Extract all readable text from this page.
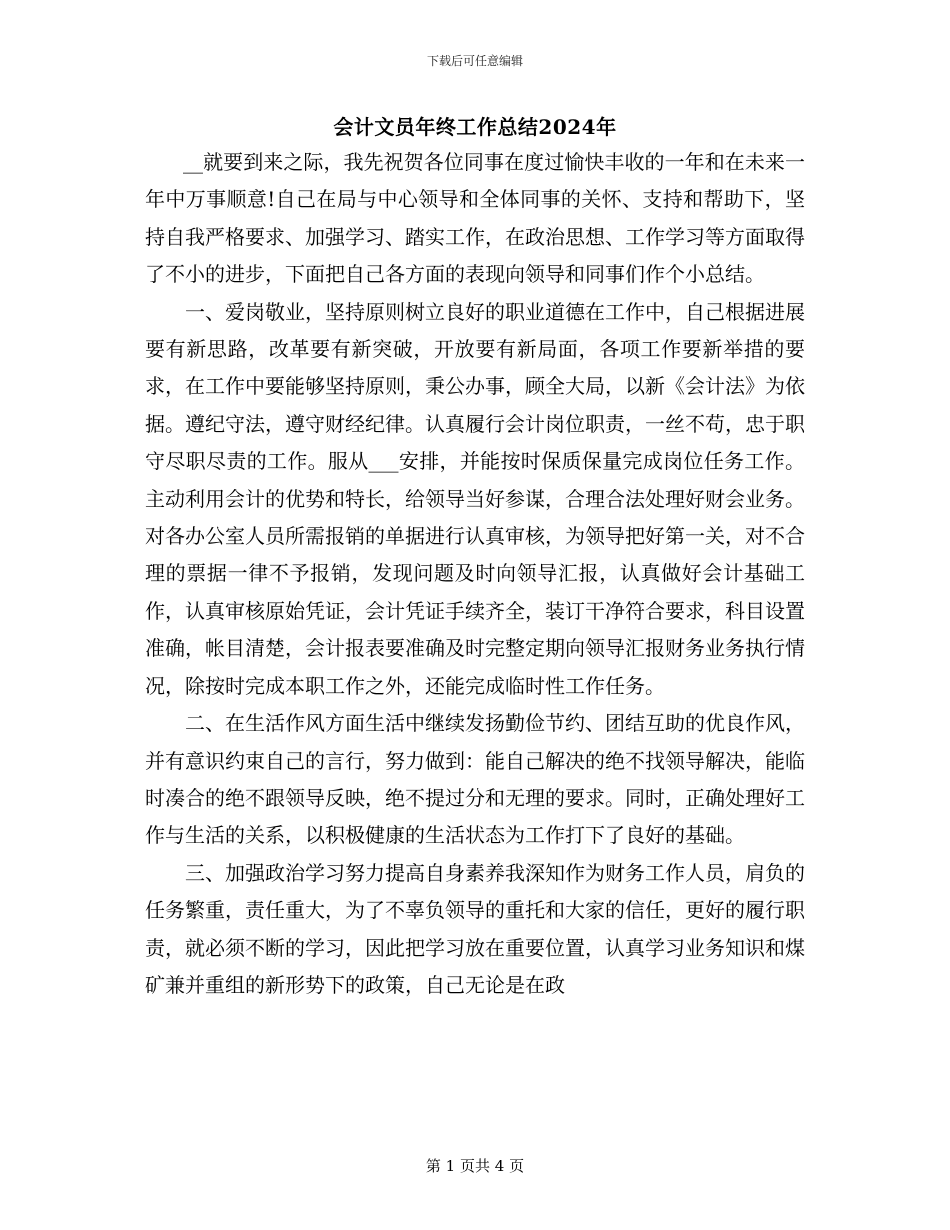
下载后可任意编辑
会计文员年终工作总结2024年

__就要到来之际，我先祝贺各位同事在度过愉快丰收的一年和在未来一年中万事顺意!自己在局与中心领导和全体同事的关怀、支持和帮助下，坚持自我严格要求、加强学习、踏实工作，在政治思想、工作学习等方面取得了不小的进步，下面把自己各方面的表现向领导和同事们作个小总结。

一、爱岗敬业，坚持原则树立良好的职业道德在工作中，自己根据进展要有新思路，改革要有新突破，开放要有新局面，各项工作要新举措的要求，在工作中要能够坚持原则，秉公办事，顾全大局，以新《会计法》为依据。遵纪守法，遵守财经纪律。认真履行会计岗位职责，一丝不苟，忠于职守尽职尽责的工作。服从___安排，并能按时保质保量完成岗位任务工作。主动利用会计的优势和特长，给领导当好参谋，合理合法处理好财会业务。对各办公室人员所需报销的单据进行认真审核，为领导把好第一关，对不合理的票据一律不予报销，发现问题及时向领导汇报，认真做好会计基础工作，认真审核原始凭证，会计凭证手续齐全，装订干净符合要求，科目设置准确，帐目清楚，会计报表要准确及时完整定期向领导汇报财务业务执行情况，除按时完成本职工作之外，还能完成临时性工作任务。

二、在生活作风方面生活中继续发扬勤俭节约、团结互助的优良作风，并有意识约束自己的言行，努力做到：能自己解决的绝不找领导解决，能临时凑合的绝不跟领导反映，绝不提过分和无理的要求。同时，正确处理好工作与生活的关系，以积极健康的生活状态为工作打下了良好的基础。

三、加强政治学习努力提高自身素养我深知作为财务工作人员，肩负的任务繁重，责任重大，为了不辜负领导的重托和大家的信任，更好的履行职责，就必须不断的学习，因此把学习放在重要位置，认真学习业务知识和煤矿兼并重组的新形势下的政策，自己无论是在政

第 1 页共 4 页
